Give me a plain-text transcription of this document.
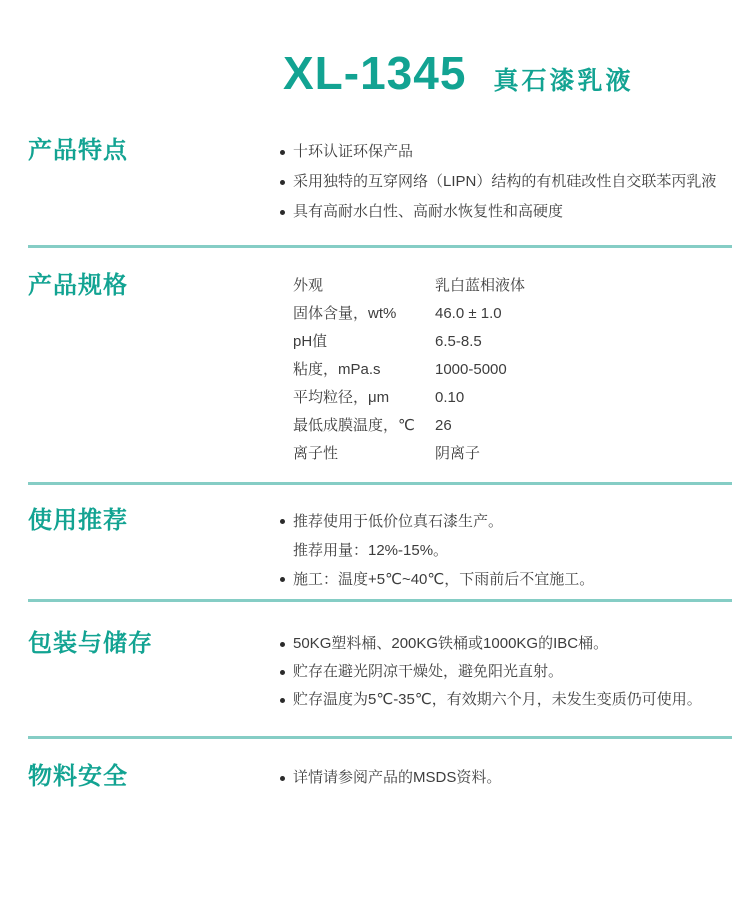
XL-1345 真石漆乳液
产品特点	十环认证环保产品
采用独特的互穿网络（LIPN）结构的有机硅改性自交联苯丙乳液
具有高耐水白性、高耐水恢复性和高硬度
产品规格	外观	乳白蓝相液体
固体含量，wt%	46.0 ± 1.0
pH值	6.5-8.5
粘度，mPa.s	1000-5000
平均粒径，μm	0.10
最低成膜温度，℃	26
离子性	阴离子
使用推荐	推荐使用于低价位真石漆生产。
推荐用量：12%-15%。
施工：温度+5℃~40℃，下雨前后不宜施工。
包装与储存	50KG塑料桶、200KG铁桶或1000KG的IBC桶。
贮存在避光阴凉干燥处，避免阳光直射。
贮存温度为5℃-35℃，有效期六个月，未发生变质仍可使用。
物料安全	详情请参阅产品的MSDS资料。
